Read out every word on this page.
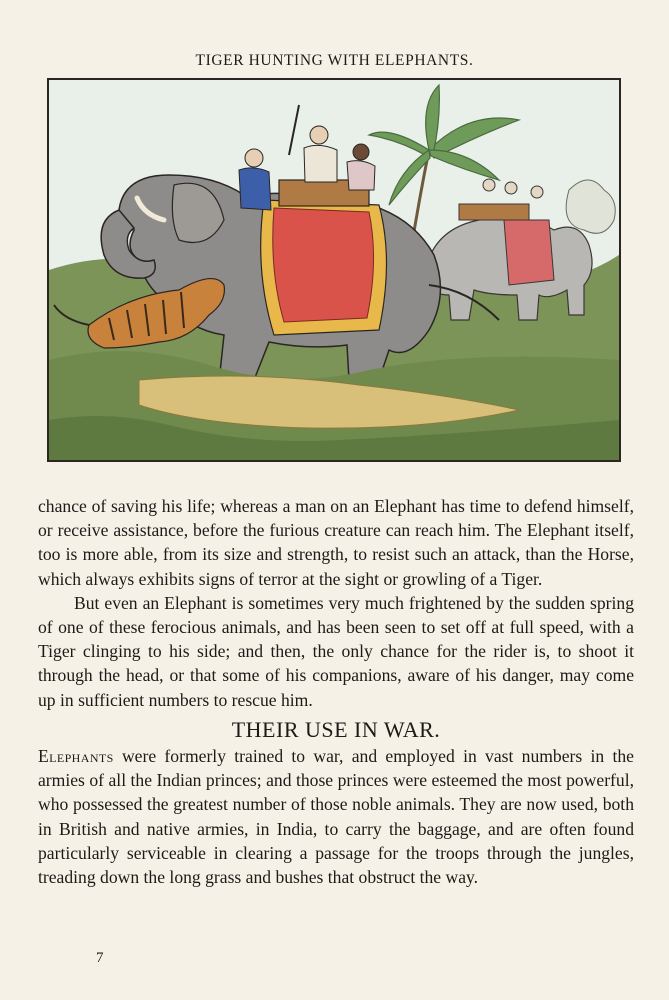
TIGER HUNTING WITH ELEPHANTS.

chance of saving his life; whereas a man on an Elephant has time to defend himself, or receive assistance, before the furious creature can reach him. The Elephant itself, too is more able, from its size and strength, to resist such an attack, than the Horse, which always exhibits signs of terror at the sight or growling of a Tiger.

But even an Elephant is sometimes very much frightened by the sudden spring of one of these ferocious animals, and has been seen to set off at full speed, with a Tiger clinging to his side; and then, the only chance for the rider is, to shoot it through the head, or that some of his companions, aware of his danger, may come up in sufficient numbers to rescue him.

THEIR USE IN WAR.

Elephants were formerly trained to war, and employed in vast numbers in the armies of all the Indian princes; and those princes were esteemed the most powerful, who possessed the greatest number of those noble animals. They are now used, both in British and native armies, in India, to carry the baggage, and are often found particularly serviceable in clearing a passage for the troops through the jungles, treading down the long grass and bushes that obstruct the way.

7
